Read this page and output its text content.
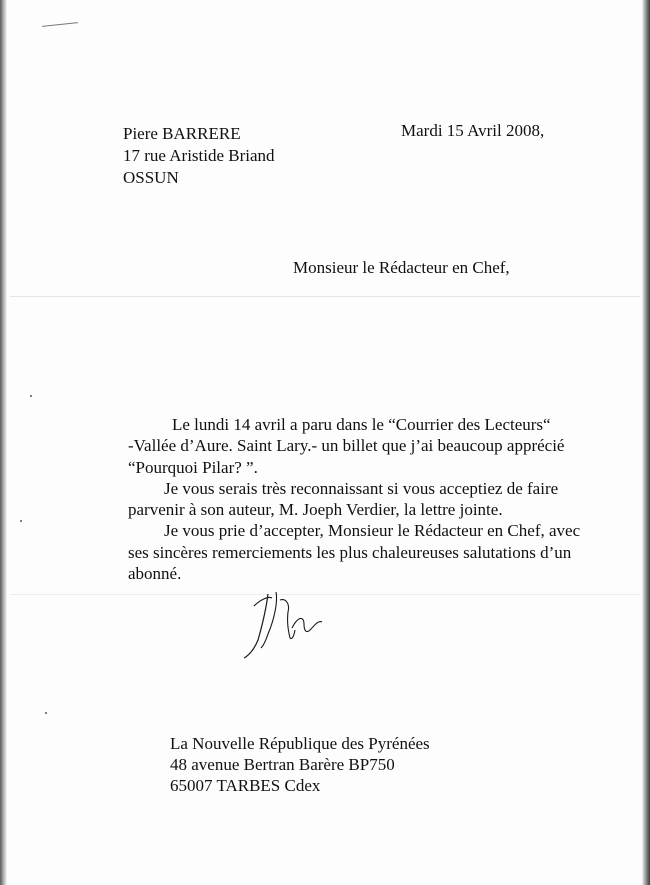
Piere BARRERE
17 rue Aristide Briand
OSSUN
Mardi 15 Avril 2008,
Monsieur le Rédacteur en Chef,

Le lundi 14 avril a paru dans le “Courrier des Lecteurs“

-Vallée d’Aure. Saint Lary.- un billet que j’ai beaucoup apprécié

“Pourquoi Pilar? ”.

Je vous serais très reconnaissant si vous acceptiez de faire

parvenir à son auteur, M. Joeph Verdier, la lettre jointe.

Je vous prie d’accepter, Monsieur le Rédacteur en Chef, avec

ses sincères remerciements les plus chaleureuses salutations d’un

abonné.

La Nouvelle République des Pyrénées
48 avenue Bertran Barère BP750
65007 TARBES Cdex
